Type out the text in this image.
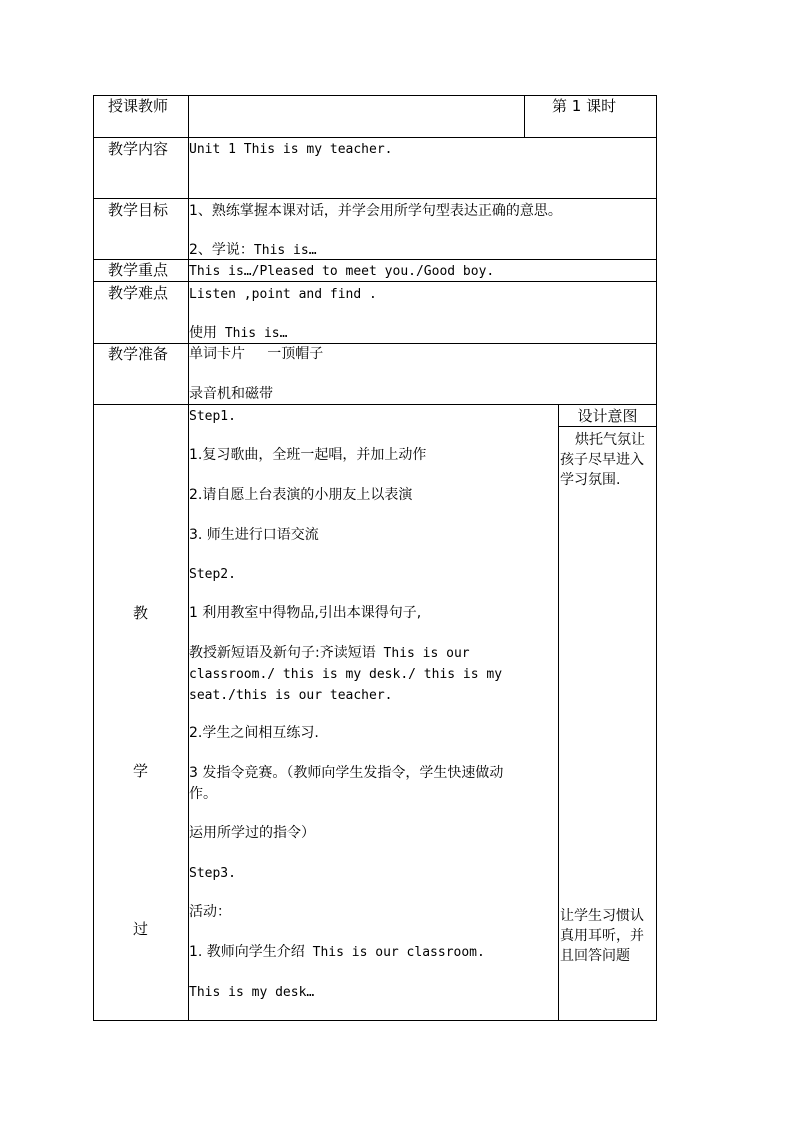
授课教师	第 1 课时
教学内容 Unit 1 This is my teacher.
教学目标 1、熟练掌握本课对话，并学会用所学句型表达正确的意思。
2、学说：This is…
教学重点 This is…/Pleased to meet you./Good boy.
教学难点 Listen ,point and find .
使用 This is…
教学准备 单词卡片     一顶帽子
录音机和磁带
教
学
过
设计意图
烘托气氛让孩子尽早进入学习氛围.
让学生习惯认真用耳听，并且回答问题
Step1.
1.复习歌曲，全班一起唱，并加上动作
2.请自愿上台表演的小朋友上以表演
3. 师生进行口语交流
Step2.
1 利用教室中得物品,引出本课得句子,
教授新短语及新句子:齐读短语 This is our
classroom./ this is my desk./ this is my
seat./this is our teacher.
2.学生之间相互练习.
3 发指令竞赛。（教师向学生发指令，学生快速做动
作。
运用所学过的指令）
Step3.
活动：
1. 教师向学生介绍 This is our classroom.
This is my desk…
